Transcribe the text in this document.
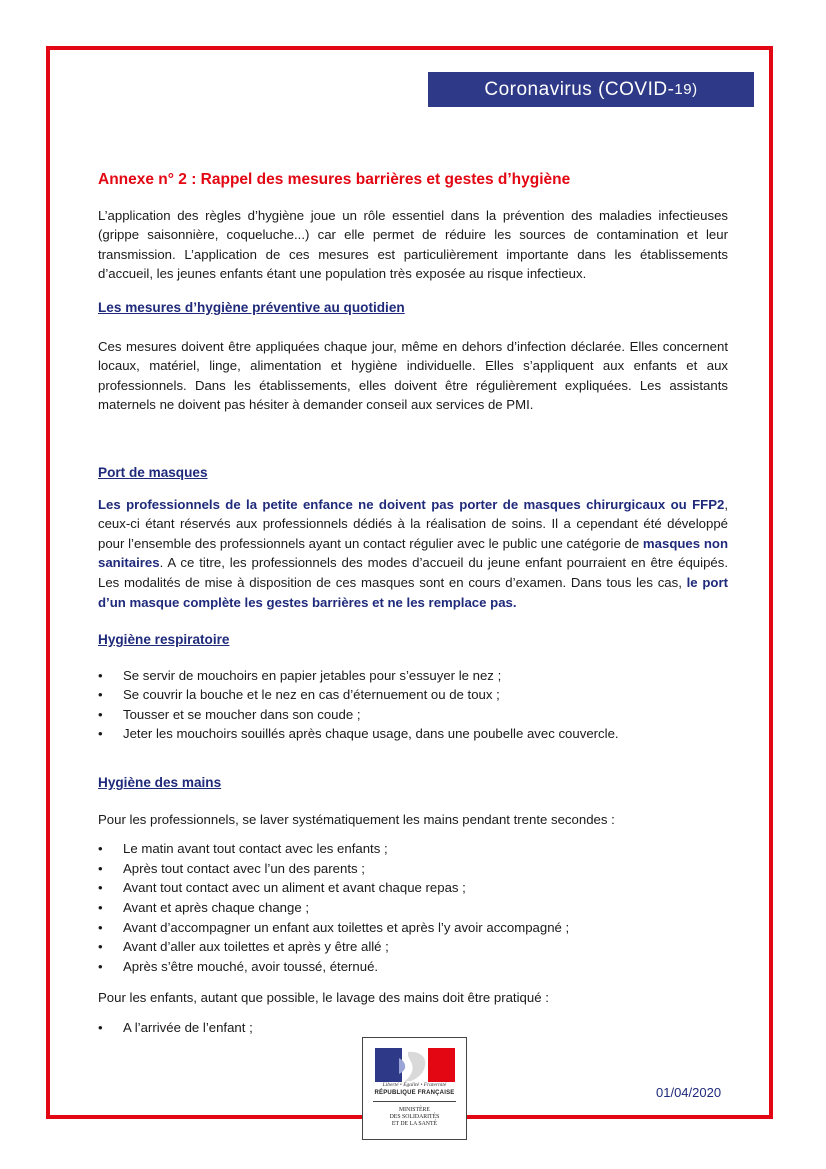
Coronavirus (COVID- 19)
Annexe n° 2 : Rappel des mesures barrières et gestes d’hygiène

L’application des règles d’hygiène joue un rôle essentiel dans la prévention des maladies infectieuses (grippe saisonnière, coqueluche...) car elle permet de réduire les sources de contamination et leur transmission. L’application de ces mesures est particulièrement importante dans les établissements d’accueil, les jeunes enfants étant une population très exposée au risque infectieux.

Les mesures d’hygiène préventive au quotidien

Ces mesures doivent être appliquées chaque jour, même en dehors d’infection déclarée. Elles concernent locaux, matériel, linge, alimentation et hygiène individuelle. Elles s’appliquent aux enfants et aux professionnels. Dans les établissements, elles doivent être régulièrement expliquées. Les assistants maternels ne doivent pas hésiter à demander conseil aux services de PMI.

Port de masques

Les professionnels de la petite enfance ne doivent pas porter de masques chirurgicaux ou FFP2, ceux-ci étant réservés aux professionnels dédiés à la réalisation de soins. Il a cependant été développé pour l’ensemble des professionnels ayant un contact régulier avec le public une catégorie de masques non sanitaires. A ce titre, les professionnels des modes d’accueil du jeune enfant pourraient en être équipés. Les modalités de mise à disposition de ces masques sont en cours d’examen. Dans tous les cas, le port d’un masque complète les gestes barrières et ne les remplace pas.

Hygiène respiratoire
• Se servir de mouchoirs en papier jetables pour s’essuyer le nez ;
• Se couvrir la bouche et le nez en cas d’éternuement ou de toux ;
• Tousser et se moucher dans son coude ;
• Jeter les mouchoirs souillés après chaque usage, dans une poubelle avec couvercle.
Hygiène des mains

Pour les professionnels, se laver systématiquement les mains pendant trente secondes :

• Le matin avant tout contact avec les enfants ;
• Après tout contact avec l’un des parents ;
• Avant tout contact avec un aliment et avant chaque repas ;
• Avant et après chaque change ;
• Avant d’accompagner un enfant aux toilettes et après l’y avoir accompagné ;
• Avant d’aller aux toilettes et après y être allé ;
• Après s’être mouché, avoir toussé, éternué.

Pour les enfants, autant que possible, le lavage des mains doit être pratiqué :

• A l’arrivée de l’enfant ;
Liberté • Égalité • Fraternité
RÉPUBLIQUE FRANÇAISE
MINISTÈRE
DES SOLIDARITÉS
ET DE LA SANTÉ
01/04/2020
